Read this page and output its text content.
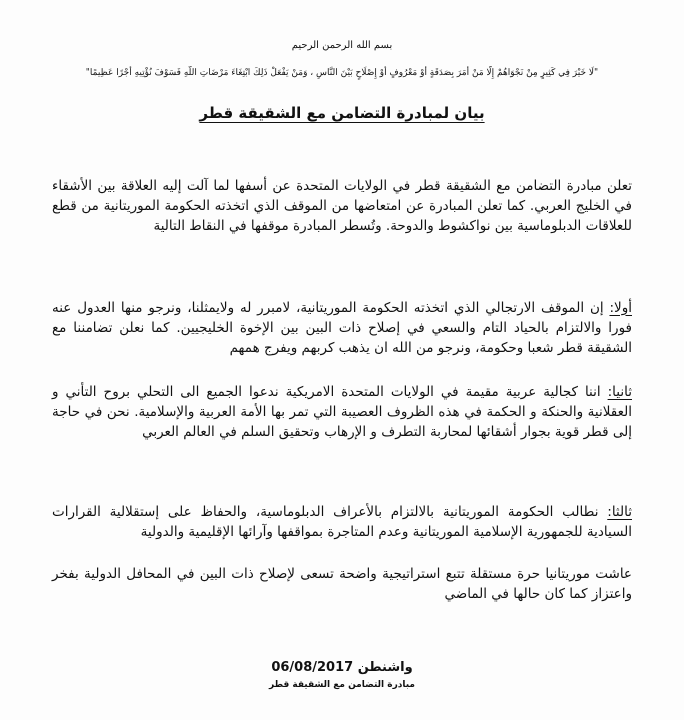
بسم الله الرحمن الرحيم
"لَا خَيْرَ فِي كَثِيرٍ مِنْ نَجْوَاهُمْ إِلَّا مَنْ أَمَرَ بِصَدَقَةٍ أَوْ مَعْرُوفٍ أَوْ إِصْلَاحٍ بَيْنَ النَّاسِ ، وَمَنْ يَفْعَلْ ذَلِكَ ابْتِغَاءَ مَرْضَاتِ اللَّهِ فَسَوْفَ نُؤْتِيهِ أَجْرًا عَظِيمًا"
بيان لمبادرة التضامن مع الشقيقة قطر

تعلن مبادرة التضامن مع الشقيقة قطر في الولايات المتحدة عن أسفها لما آلت إليه العلاقة بين الأشقاء في الخليج العربي. كما تعلن المبادرة عن امتعاضها من الموقف الذي اتخذته الحكومة الموريتانية من قطع للعلاقات الدبلوماسية بين نواكشوط والدوحة. وتُسطر المبادرة موقفها في النقاط التالية

أولا: إن الموقف الارتجالي الذي اتخذته الحكومة الموريتانية، لامبرر له ولايمثلنا، ونرجو منها العدول عنه فورا والالتزام بالحياد التام والسعي في إصلاح ذات البين بين الإخوة الخليجيين. كما نعلن تضامننا مع الشقيقة قطر شعبا وحكومة، ونرجو من الله ان يذهب كربهم ويفرج همهم

ثانيا: اننا كجالية عربية مقيمة في الولايات المتحدة الامريكية ندعوا الجميع الى التحلي بروح التأني و العقلانية والحنكة و الحكمة في هذه الظروف العصيبة التي تمر بها الأمة العربية والإسلامية. نحن في حاجة إلى قطر قوية بجوار أشقائها لمحاربة التطرف و الإرهاب وتحقيق السلم في العالم العربي

ثالثا: نطالب الحكومة الموريتانية بالالتزام بالأعراف الدبلوماسية، والحفاظ على إستقلالية القرارات السيادية للجمهورية الإسلامية الموريتانية وعدم المتاجرة بمواقفها وآرائها الإقليمية والدولية

عاشت موريتانيا حرة مستقلة تتبع استراتيجية واضحة تسعى لإصلاح ذات البين في المحافل الدولية بفخر واعتزاز كما كان حالها في الماضي

واشنطن 06/08/2017
مبادرة التضامن مع الشقيقة قطر
